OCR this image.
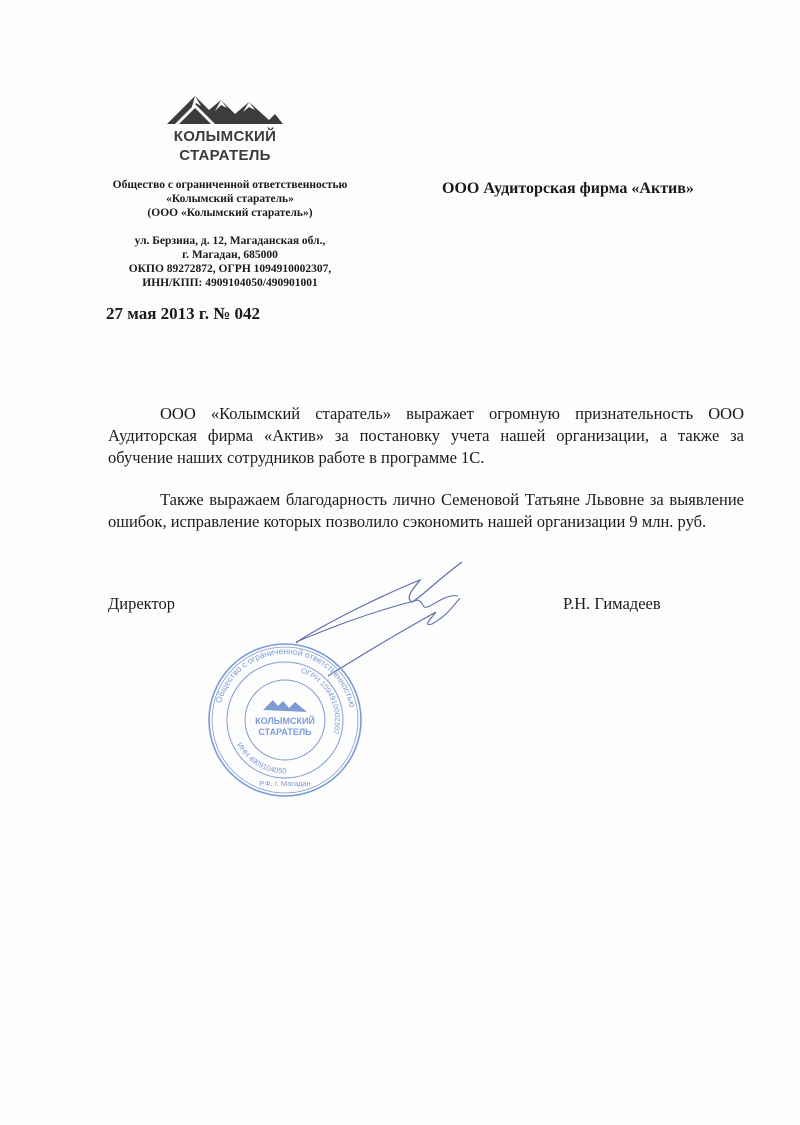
КОЛЫМСКИЙ
СТАРАТЕЛЬ
Общество с ограниченной ответственностью
«Колымский старатель»
(ООО «Колымский старатель»)
ул. Берзина, д. 12, Магаданская обл.,
г. Магадан, 685000
ОКПО 89272872, ОГРН 1094910002307,
ИНН/КПП: 4909104050/490901001
27 мая 2013 г. № 042
ООО Аудиторская фирма «Актив»
ООО «Колымский старатель» выражает огромную признательность ООО Аудиторская фирма «Актив» за постановку учета нашей организации, а также за обучение наших сотрудников работе в программе 1С.
Также выражаем благодарность лично Семеновой Татьяне Львовне за выявление ошибок, исправление которых позволило сэкономить нашей организации 9 млн. руб.
Директор	Р.Н. Гимадеев
Общество с ограниченной ответственностью
ОГРН 1094910002307
ИНН 4909104050
Р.Ф. г. Магадан
КОЛЫМСКИЙ
СТАРАТЕЛЬ
